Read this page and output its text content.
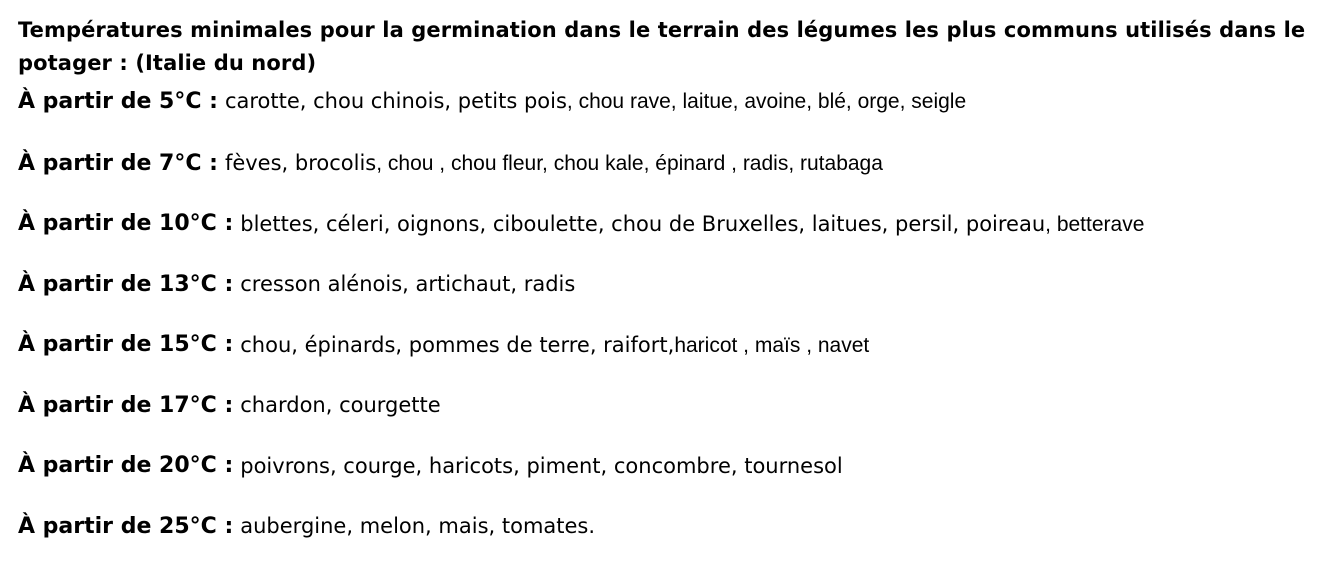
Températures minimales pour la germination dans le terrain des légumes les plus communs utilisés dans le potager : (Italie du nord)
À partir de 5°C : carotte, chou chinois, petits pois , chou rave, laitue, avoine, blé, orge, seigle
À partir de 7°C : fèves, brocolis , chou , chou fleur, chou kale, épinard , radis, rutabaga
À partir de 10°C : blettes, céleri, oignons, ciboulette, chou de Bruxelles, laitues, persil, poireau , betterave
À partir de 13°C : cresson alénois, artichaut, radis
À partir de 15°C : chou, épinards, pommes de terre, raifort, haricot , maïs , navet
À partir de 17°C : chardon, courgette
À partir de 20°C : poivrons, courge, haricots, piment, concombre, tournesol
À partir de 25°C : aubergine, melon, mais, tomates.
